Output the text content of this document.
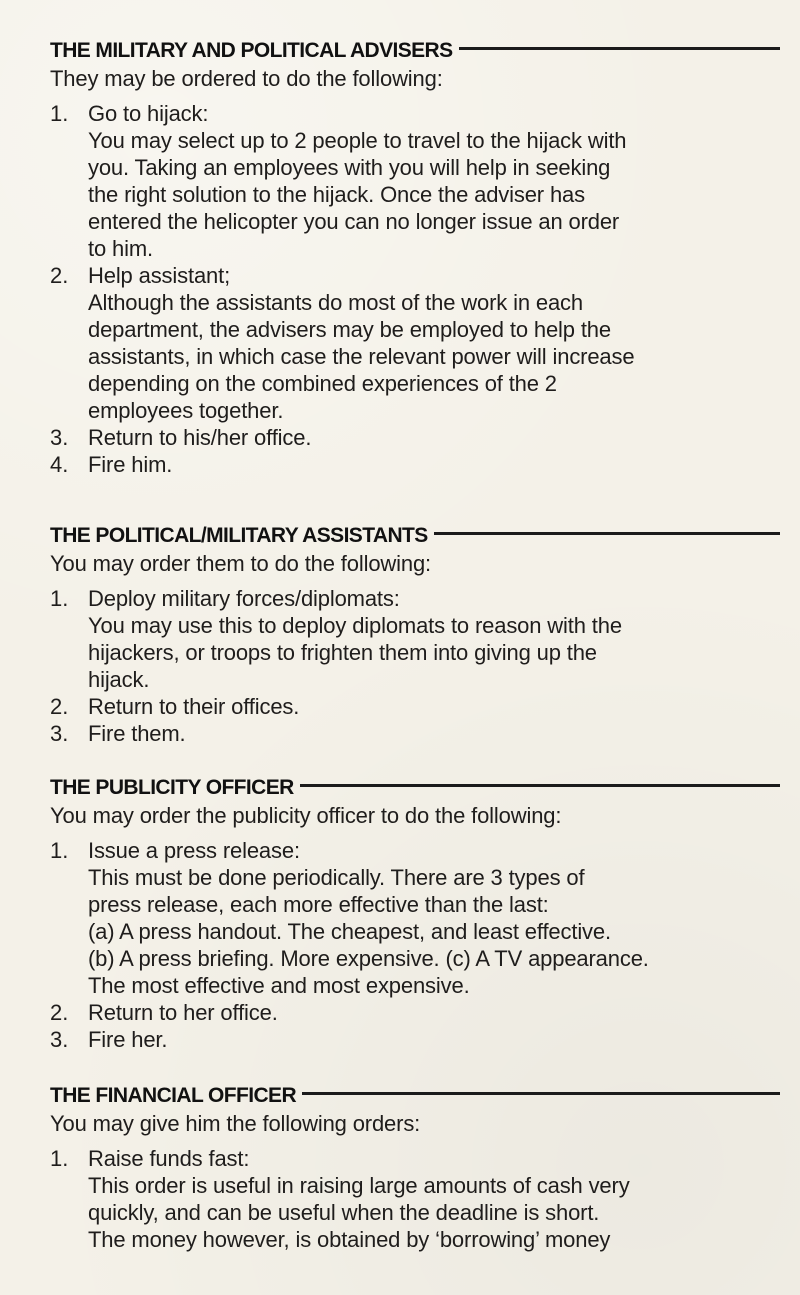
THE MILITARY AND POLITICAL ADVISERS

They may be ordered to do the following:

1. Go to hijack:
You may select up to 2 people to travel to the hijack with
you. Taking an employees with you will help in seeking
the right solution to the hijack. Once the adviser has
entered the helicopter you can no longer issue an order
to him.
2. Help assistant;
Although the assistants do most of the work in each
department, the advisers may be employed to help the
assistants, in which case the relevant power will increase
depending on the combined experiences of the 2
employees together.
3. Return to his/her office.
4. Fire him.
THE POLITICAL/MILITARY ASSISTANTS

You may order them to do the following:

1. Deploy military forces/diplomats:
You may use this to deploy diplomats to reason with the
hijackers, or troops to frighten them into giving up the
hijack.
2. Return to their offices.
3. Fire them.
THE PUBLICITY OFFICER

You may order the publicity officer to do the following:

1. Issue a press release:
This must be done periodically. There are 3 types of
press release, each more effective than the last:
(a) A press handout. The cheapest, and least effective.
(b) A press briefing. More expensive. (c) A TV appearance.
The most effective and most expensive.
2. Return to her office.
3. Fire her.
THE FINANCIAL OFFICER

You may give him the following orders:

1. Raise funds fast:
This order is useful in raising large amounts of cash very
quickly, and can be useful when the deadline is short.
The money however, is obtained by ‘borrowing’ money
